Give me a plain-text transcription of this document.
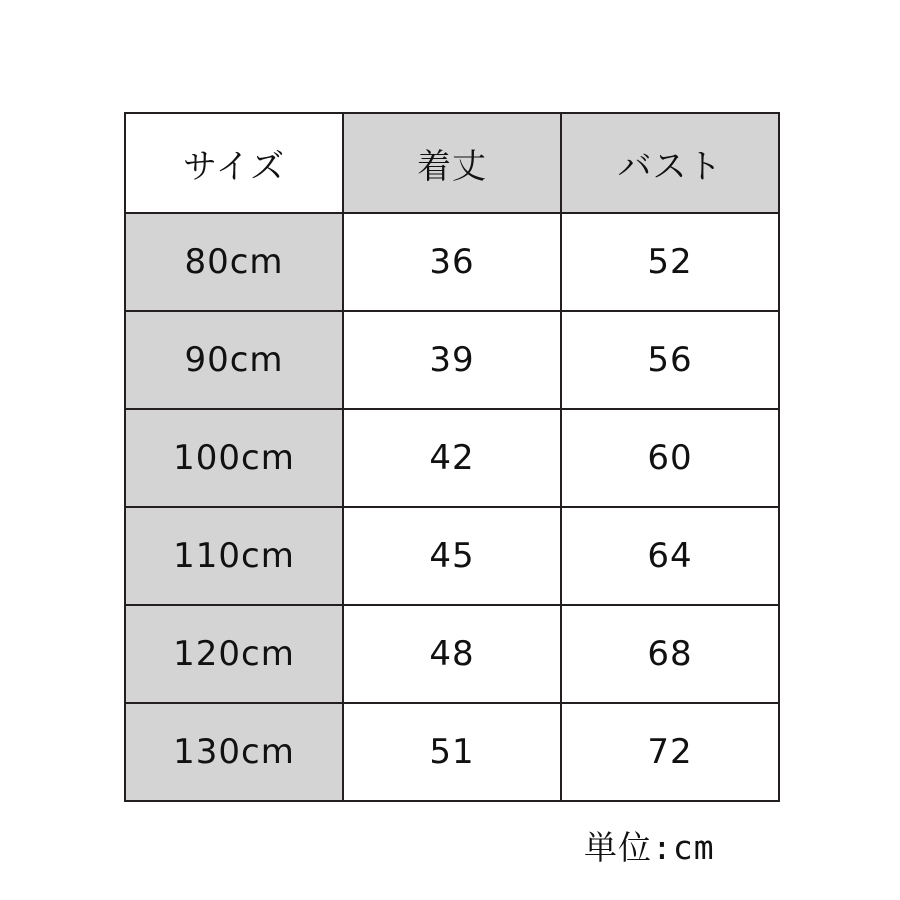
サイズ	着丈	バスト
80cm	36	52
90cm	39	56
100cm	42	60
110cm	45	64
120cm	48	68
130cm	51	72
単位:cm
